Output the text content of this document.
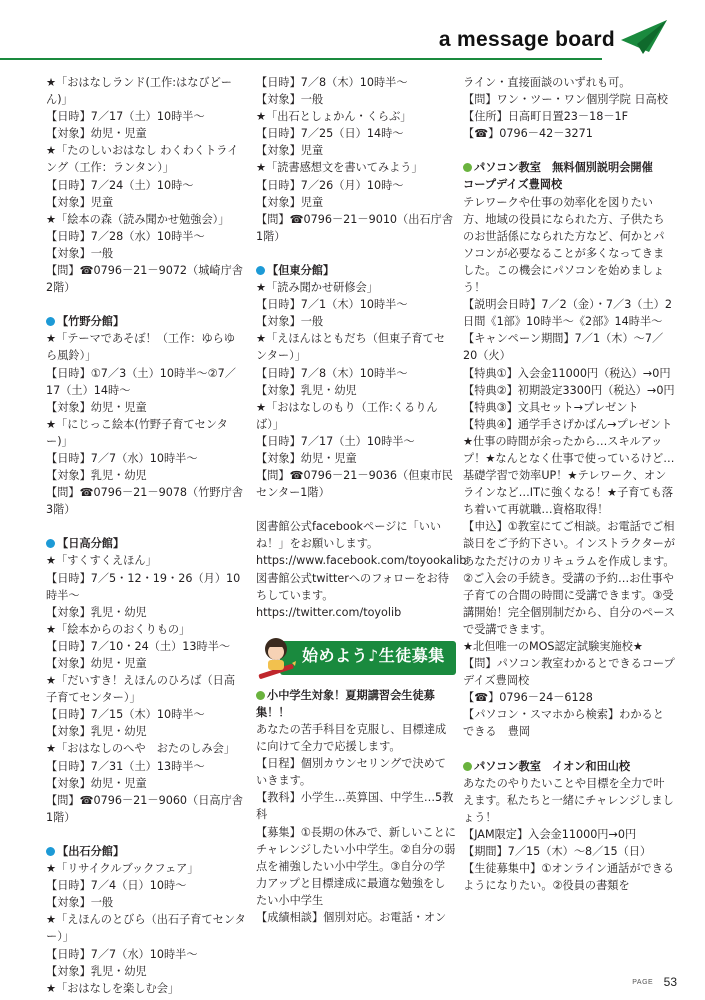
a message board

★「おはなしランド(工作:はなびどーん)」

【日時】7／17（土）10時半～

【対象】幼児・児童

★「たのしいおはなし わくわくトライング（工作：ランタン）」

【日時】7／24（土）10時～

【対象】児童

★「絵本の森（読み聞かせ勉強会）」

【日時】7／28（水）10時半～

【対象】一般

【問】☎0796－21－9072（城崎庁舎2階）

【竹野分館】

★「テーマであそぼ！（工作：ゆらゆら風鈴）」

【日時】①7／3（土）10時半～②7／17（土）14時～

【対象】幼児・児童

★「にじっこ絵本(竹野子育てセンター)」

【日時】7／7（水）10時半～

【対象】乳児・幼児

【問】☎0796－21－9078（竹野庁舎3階）

【日高分館】

★「すくすくえほん」

【日時】7／5・12・19・26（月）10時半～

【対象】乳児・幼児

★「絵本からのおくりもの」

【日時】7／10・24（土）13時半～

【対象】幼児・児童

★「だいすき！えほんのひろば（日高子育てセンター）」

【日時】7／15（木）10時半～

【対象】乳児・幼児

★「おはなしのへや　おたのしみ会」

【日時】7／31（土）13時半～

【対象】幼児・児童

【問】☎0796－21－9060（日高庁舎1階）

【出石分館】

★「リサイクルブックフェア」

【日時】7／4（日）10時～

【対象】一般

★「えほんのとびら（出石子育てセンター）」

【日時】7／7（水）10時半～

【対象】乳児・幼児

★「おはなしを楽しむ会」

【日時】7／8（木）10時半～

【対象】一般

★「出石としょかん・くらぶ」

【日時】7／25（日）14時～

【対象】児童

★「読書感想文を書いてみよう」

【日時】7／26（月）10時～

【対象】児童

【問】☎0796－21－9010（出石庁舎1階）

【但東分館】

★「読み聞かせ研修会」

【日時】7／1（木）10時半～

【対象】一般

★「えほんはともだち（但東子育てセンター）」

【日時】7／8（木）10時半～

【対象】乳児・幼児

★「おはなしのもり（工作:くるりんば）」

【日時】7／17（土）10時半～

【対象】幼児・児童

【問】☎0796－21－9036（但東市民センター1階）

図書館公式facebookページに「いいね！」をお願いします。

https://www.facebook.com/toyookalib

図書館公式twitterへのフォローをお待ちしています。

https://twitter.com/toyolib

始めよう♪生徒募集

小中学生対象！夏期講習会生徒募集！！

あなたの苦手科目を克服し、目標達成に向けて全力で応援します。

【日程】個別カウンセリングで決めていきます。

【教科】小学生…英算国、中学生…5教科

【募集】①長期の休みで、新しいことにチャレンジしたい小中学生。②自分の弱点を補強したい小中学生。③自分の学力アップと目標達成に最適な勉強をしたい小中学生

【成績相談】個別対応。お電話・オン

ライン・直接面談のいずれも可。

【問】ワン・ツー・ワン個別学院 日高校

【住所】日高町日置23－18－1F

【☎】0796－42－3271

パソコン教室　無料個別説明会開催　コープデイズ豊岡校

テレワークや仕事の効率化を図りたい方、地域の役員になられた方、子供たちのお世話係になられた方など、何かとパソコンが必要なることが多くなってきました。この機会にパソコンを始めましょう！

【説明会日時】7／2（金）・7／3（土）2日間《1部》10時半～《2部》14時半～

【キャンペーン期間】7／1（木）～7／20（火）

【特典①】入会金11000円（税込）→0円

【特典②】初期設定3300円（税込）→0円

【特典③】文具セット→プレゼント

【特典④】通学手さげかばん→プレゼント

★仕事の時間が余ったから…スキルアップ！★なんとなく仕事で使っているけど…基礎学習で効率UP！★テレワーク、オンラインなど…ITに強くなる！★子育ても落ち着いて再就職…資格取得！

【申込】①教室にてご相談。お電話でご相談日をご予約下さい。インストラクターがあなただけのカリキュラムを作成します。②ご入会の手続き。受講の予約…お仕事や子育ての合間の時間に受講できます。③受講開始！完全個別制だから、自分のペースで受講できます。

★北但唯一のMOS認定試験実施校★

【問】パソコン教室わかるとできるコープデイズ豊岡校

【☎】0796－24－6128

【パソコン・スマホから検索】わかるとできる　豊岡

パソコン教室　イオン和田山校

あなたのやりたいことや目標を全力で叶えます。私たちと一緒にチャレンジしましょう！

【JAM限定】入会金11000円→0円

【期間】7／15（木）～8／15（日）

【生徒募集中】①オンライン通話ができるようになりたい。②役員の書類を

PAGE 53
